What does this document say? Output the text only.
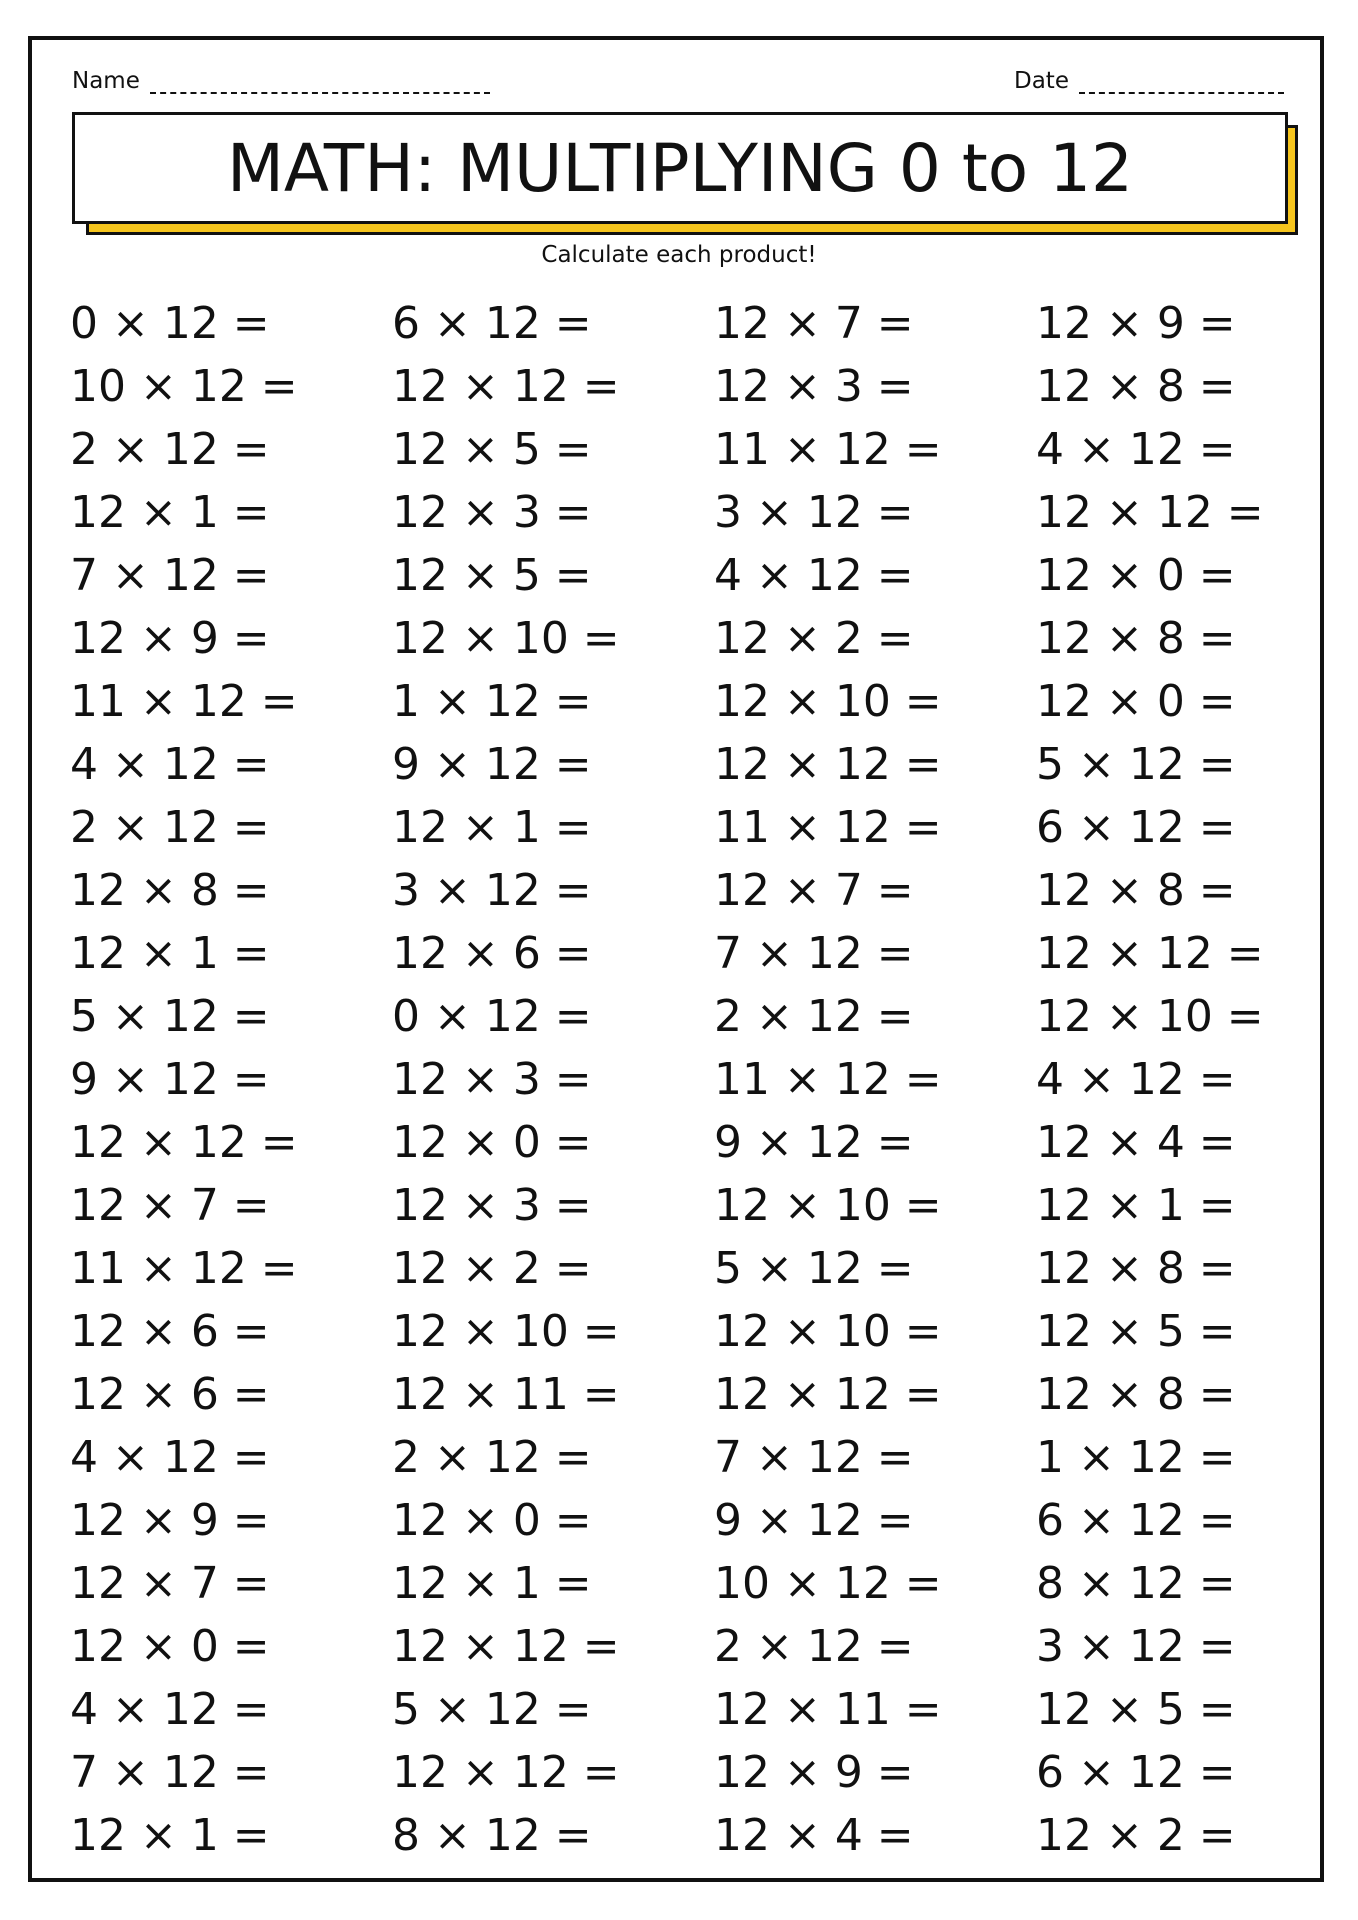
Name	Date
MATH: MULTIPLYING 0 to 12
Calculate each product!
0 × 12 =	6 × 12 =	12 × 7 =	12 × 9 =
10 × 12 =	12 × 12 =	12 × 3 =	12 × 8 =
2 × 12 =	12 × 5 =	11 × 12 =	4 × 12 =
12 × 1 =	12 × 3 =	3 × 12 =	12 × 12 =
7 × 12 =	12 × 5 =	4 × 12 =	12 × 0 =
12 × 9 =	12 × 10 =	12 × 2 =	12 × 8 =
11 × 12 =	1 × 12 =	12 × 10 =	12 × 0 =
4 × 12 =	9 × 12 =	12 × 12 =	5 × 12 =
2 × 12 =	12 × 1 =	11 × 12 =	6 × 12 =
12 × 8 =	3 × 12 =	12 × 7 =	12 × 8 =
12 × 1 =	12 × 6 =	7 × 12 =	12 × 12 =
5 × 12 =	0 × 12 =	2 × 12 =	12 × 10 =
9 × 12 =	12 × 3 =	11 × 12 =	4 × 12 =
12 × 12 =	12 × 0 =	9 × 12 =	12 × 4 =
12 × 7 =	12 × 3 =	12 × 10 =	12 × 1 =
11 × 12 =	12 × 2 =	5 × 12 =	12 × 8 =
12 × 6 =	12 × 10 =	12 × 10 =	12 × 5 =
12 × 6 =	12 × 11 =	12 × 12 =	12 × 8 =
4 × 12 =	2 × 12 =	7 × 12 =	1 × 12 =
12 × 9 =	12 × 0 =	9 × 12 =	6 × 12 =
12 × 7 =	12 × 1 =	10 × 12 =	8 × 12 =
12 × 0 =	12 × 12 =	2 × 12 =	3 × 12 =
4 × 12 =	5 × 12 =	12 × 11 =	12 × 5 =
7 × 12 =	12 × 12 =	12 × 9 =	6 × 12 =
12 × 1 =	8 × 12 =	12 × 4 =	12 × 2 =
